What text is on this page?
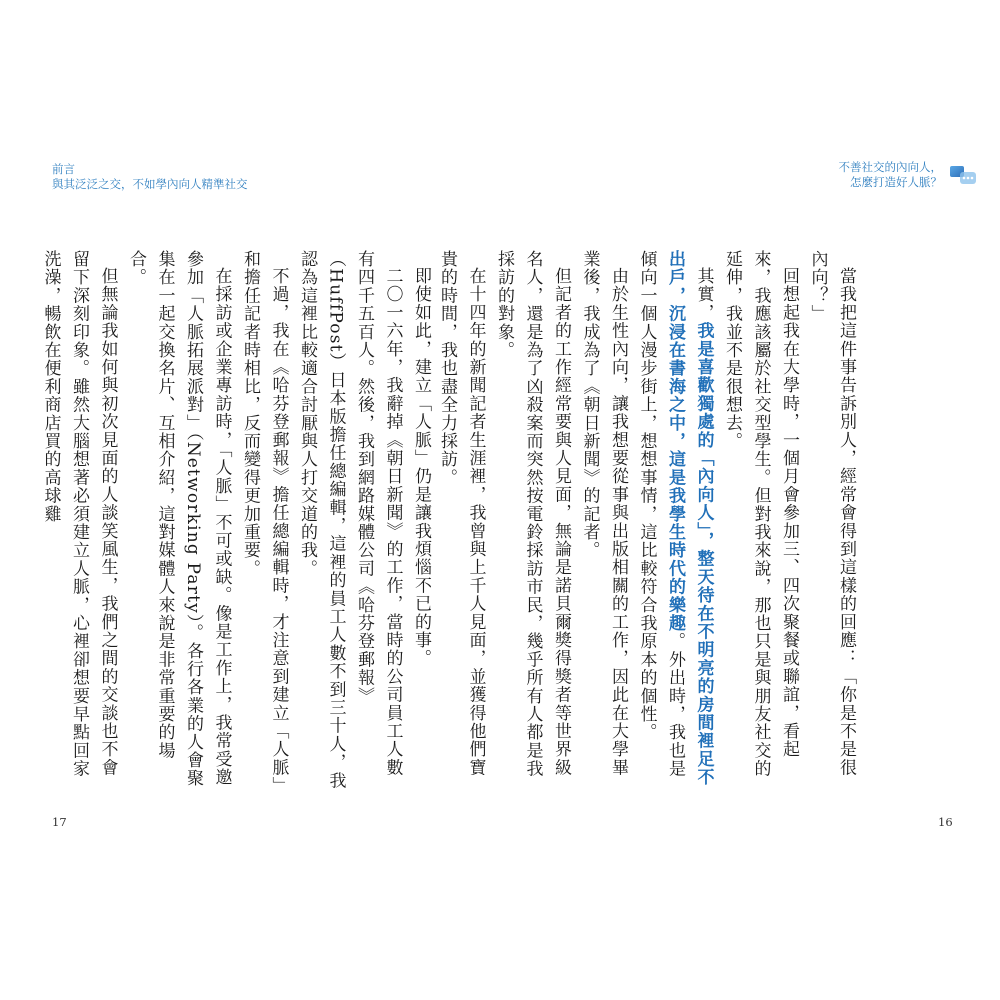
前言
與其泛泛之交，不如學內向人精準社交

即使如此，建立「人脈」仍是讓我煩惱不已的事。

二〇一六年，我辭掉《朝日新聞》的工作，當時的公司員工人數有四千五百人。然後，我到網路媒體公司《哈芬登郵報》（HuffPost）日本版擔任總編輯，這裡的員工人數不到三十人，我認為這裡比較適合討厭與人打交道的我。

不過，我在《哈芬登郵報》擔任總編輯時，才注意到建立「人脈」和擔任記者時相比，反而變得更加重要。

在採訪或企業專訪時，「人脈」不可或缺。像是工作上，我常受邀參加「人脈拓展派對」（Networking Party）。各行各業的人會聚集在一起交換名片、互相介紹，這對媒體人來說是非常重要的場合。

但無論我如何與初次見面的人談笑風生，我們之間的交談也不會留下深刻印象。雖然大腦想著必須建立人脈，心裡卻想要早點回家洗澡，暢飲在便利商店買的高球雞

17
不善社交的內向人，
怎麼打造好人脈？

當我把這件事告訴別人，經常會得到這樣的回應：「你是不是很內向？」

回想起我在大學時，一個月會參加三、四次聚餐或聯誼，看起來，我應該屬於社交型學生。但對我來說，那也只是與朋友社交的延伸，我並不是很想去。

其實，我是喜歡獨處的「內向人」，整天待在不明亮的房間裡足不出戶，沉浸在書海之中，這是我學生時代的樂趣。外出時，我也是傾向一個人漫步街上，想想事情，這比較符合我原本的個性。

由於生性內向，讓我想要從事與出版相關的工作，因此在大學畢業後，我成為了《朝日新聞》的記者。

但記者的工作經常要與人見面，無論是諾貝爾獎得獎者等世界級名人，還是為了凶殺案而突然按電鈴採訪市民，幾乎所有人都是我採訪的對象。

在十四年的新聞記者生涯裡，我曾與上千人見面，並獲得他們寶貴的時間，我也盡全力採訪。

16
